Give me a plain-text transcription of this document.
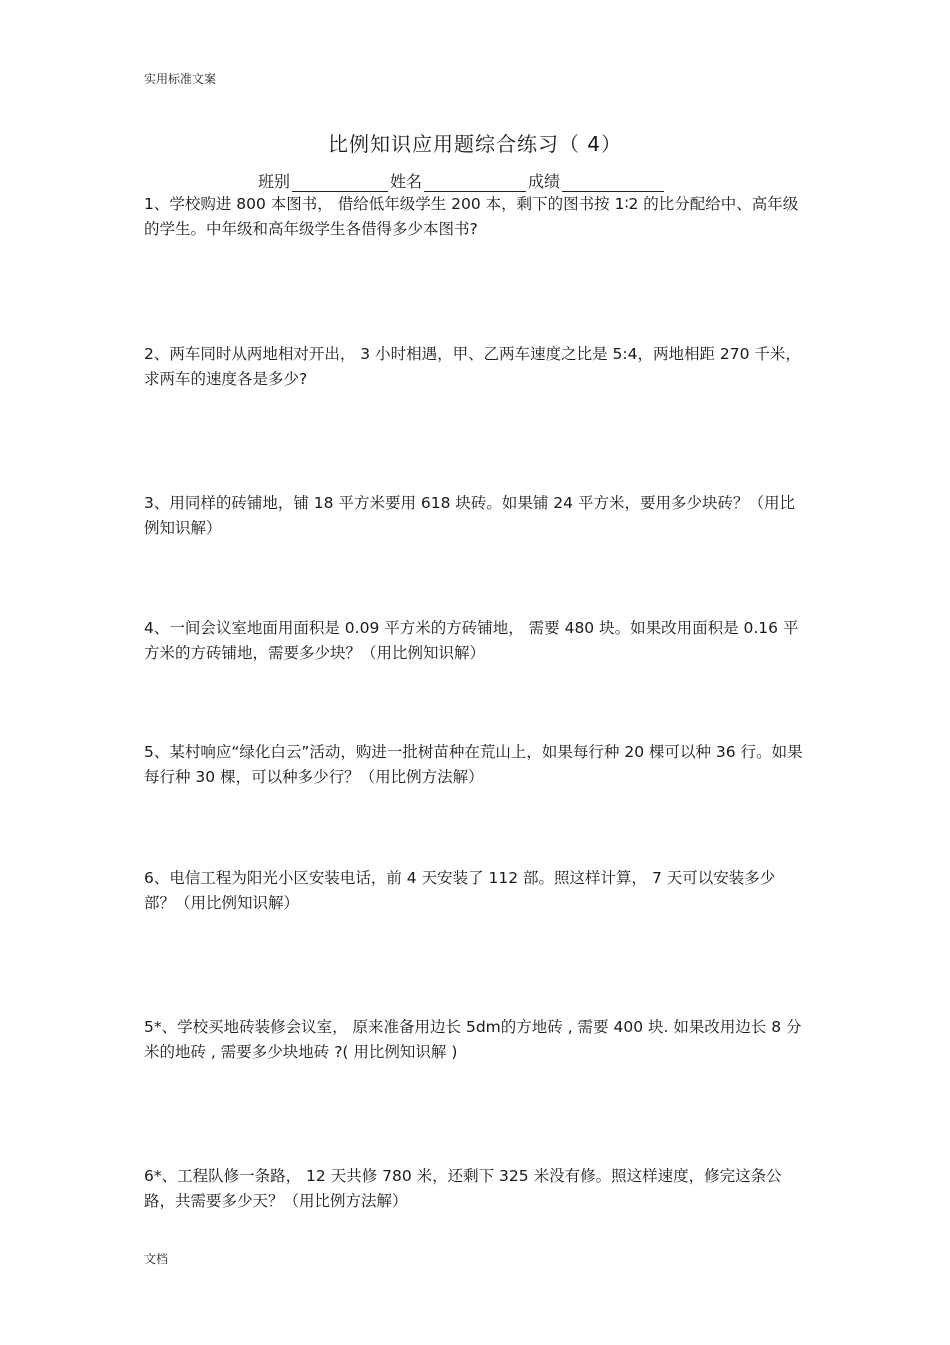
实用标准文案
比例知识应用题综合练习（ 4）
班别	姓名	成绩
1、学校购进 800 本图书， 借给低年级学生 200 本，剩下的图书按 1∶2 的比分配给中、高年级的学生。中年级和高年级学生各借得多少本图书?
2、两车同时从两地相对开出， 3 小时相遇，甲、乙两车速度之比是 5:4，两地相距 270 千米，求两车的速度各是多少?
3、用同样的砖铺地，铺 18 平方米要用 618 块砖。如果铺 24 平方米，要用多少块砖？（用比例知识解）
4、一间会议室地面用面积是 0.09 平方米的方砖铺地， 需要 480 块。如果改用面积是 0.16 平方米的方砖铺地，需要多少块？（用比例知识解）
5、某村响应“绿化白云”活动，购进一批树苗种在荒山上，如果每行种 20 棵可以种 36 行。如果每行种 30 棵，可以种多少行？（用比例方法解）
6、电信工程为阳光小区安装电话，前 4 天安装了 112 部。照这样计算， 7 天可以安装多少部？（用比例知识解）
5*、学校买地砖装修会议室， 原来准备用边长 5dm的方地砖 , 需要 400 块. 如果改用边长 8 分米的地砖 , 需要多少块地砖 ?( 用比例知识解 )
6*、工程队修一条路， 12 天共修 780 米，还剩下 325 米没有修。照这样速度，修完这条公路，共需要多少天？（用比例方法解）
文档
